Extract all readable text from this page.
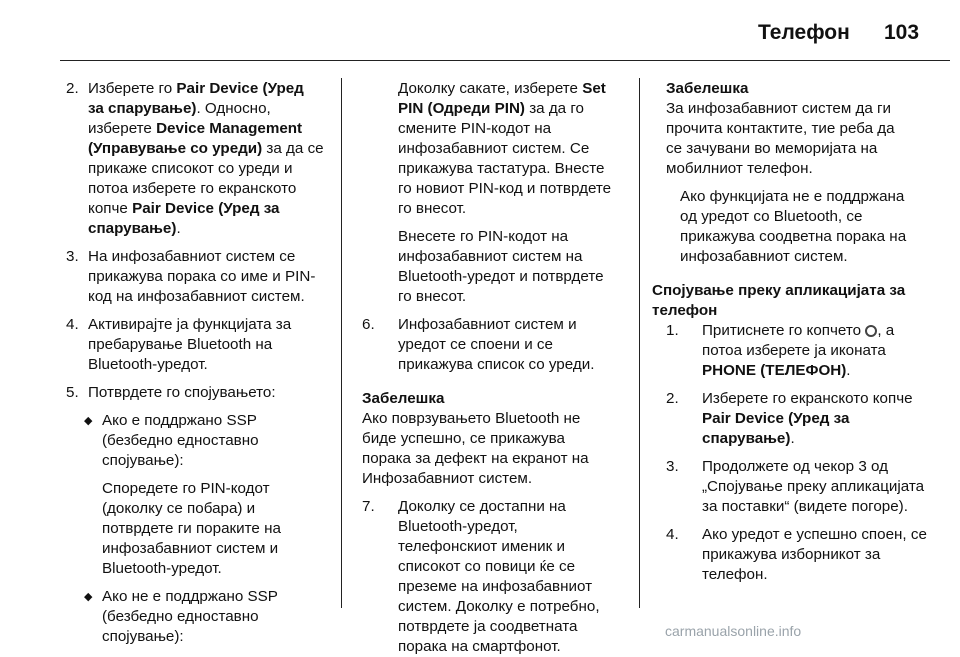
Телефон 103
2. Изберете го Pair Device (Уред

за спарување). Односно,

изберете Device Management

(Управување со уреди) за да се

прикаже списокот со уреди и

потоа изберете го екранското

копче Pair Device (Уред за

спарување).

3. На инфозабавниот систем се

прикажува порака со име и PIN-

код на инфозабавниот систем.

4. Активирајте ја функцијата за

пребарување Bluetooth на

Bluetooth-уредот.

5. Потврдете го спојувањето:

◆ Ако е поддржано SSP

(безбедно едноставно

спојување):

Споредете го PIN-кодот

(доколку се побара) и

потврдете ги пораките на

инфозабавниот систем и

Bluetooth-уредот.

◆ Ако не е поддржано SSP

(безбедно едноставно

спојување):

Доколку сакате, изберете Set

PIN (Одреди PIN) за да го

смените PIN-кодот на

инфозабавниот систем. Се

прикажува тастатура. Внесте

го новиот PIN-код и потврдете

го внесот.

Внесете го PIN-кодот на

инфозабавниот систем на

Bluetooth-уредот и потврдете

го внесот.

6. Инфозабавниот систем и

уредот се споени и се

прикажува список со уреди.

Забелешка

Ако поврзувањето Bluetooth не

биде успешно, се прикажува

порака за дефект на екранот на

Инфозабавниот систем.

7. Доколку се достапни на

Bluetooth-уредот,

телефонскиот именик и

списокот со повици ќе се

преземе на инфозабавниот

систем. Доколку е потребно,

потврдете ја соодветната

порака на смартфонот.

Забелешка

За инфозабавниот систем да ги

прочита контактите, тие реба да

се зачувани во меморијата на

мобилниот телефон.

Ако функцијата не е поддржана

од уредот со Bluetooth, се

прикажува соодветна порака на

инфозабавниот систем.

Спојување преку апликацијата за

телефон

1. Притиснете го копчето , а

потоа изберете ја иконата

PHONE (ТЕЛЕФОН).

2. Изберете го екранското копче

Pair Device (Уред за

спарување).

3. Продолжете од чекор 3 од

„Спојување преку апликацијата

за поставки“ (видете погоре).

4. Ако уредот е успешно споен, се

прикажува изборникот за

телефон.

carmanualsonline.info
